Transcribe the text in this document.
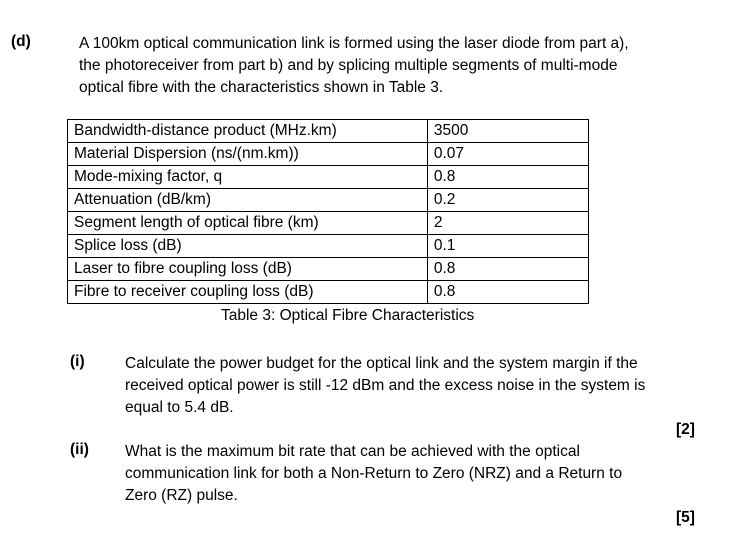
(d)	A 100km optical communication link is formed using the laser diode from part a),
the photoreceiver from part b) and by splicing multiple segments of multi-mode
optical fibre with the characteristics shown in Table 3.
Bandwidth-distance product (MHz.km)	3500
Material Dispersion (ns/(nm.km))	0.07
Mode-mixing factor, q	0.8
Attenuation (dB/km)	0.2
Segment length of optical fibre (km)	2
Splice loss (dB)	0.1
Laser to fibre coupling loss (dB)	0.8
Fibre to receiver coupling loss (dB)	0.8
Table 3: Optical Fibre Characteristics
(i)	Calculate the power budget for the optical link and the system margin if the
received optical power is still -12 dBm and the excess noise in the system is
equal to 5.4 dB.
[2]
(ii) What is the maximum bit rate that can be achieved with the optical
communication link for both a Non-Return to Zero (NRZ) and a Return to
Zero (RZ) pulse.
[5]
